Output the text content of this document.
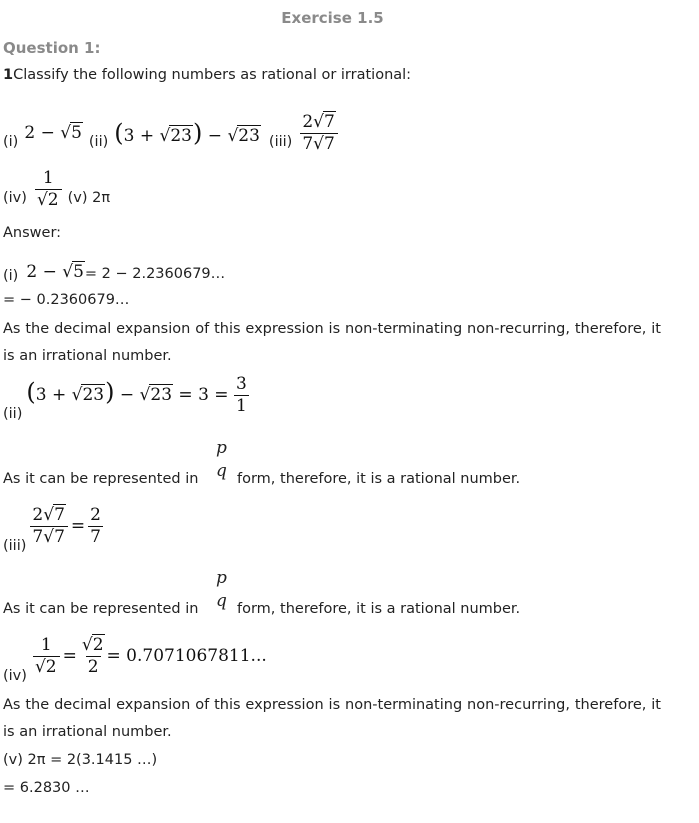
Exercise 1.5
Question 1:
1Classify the following numbers as rational or irrational:
(i) 2 − √5 (ii) (3 + √23) − √23 $(iii) \frac{2√7}{7√7}$
$(iv) \frac{1}{√2} (v)$ 2π
Answer:
(i) 2 − √5 = 2 − 2.2360679…
= − 0.2360679…
As the decimal expansion of this expression is non-terminating non-recurring, therefore, it is an irrational number.
(ii)
$(3 + √23) - √23 = 3 = \frac{3}{1}$
p
q
As it can be represented in	form, therefore, it is a rational number.
(iii)
$\frac{2√7}{7√7} = \frac{2}{7}$
p
q
As it can be represented in	form, therefore, it is a rational number.
(iv)
$\frac{1}{√2} = \frac{√2}{2} = 0.7071067811$...
As the decimal expansion of this expression is non-terminating non-recurring, therefore, it is an irrational number.
(v) 2π = 2(3.1415 …)
= 6.2830 …
